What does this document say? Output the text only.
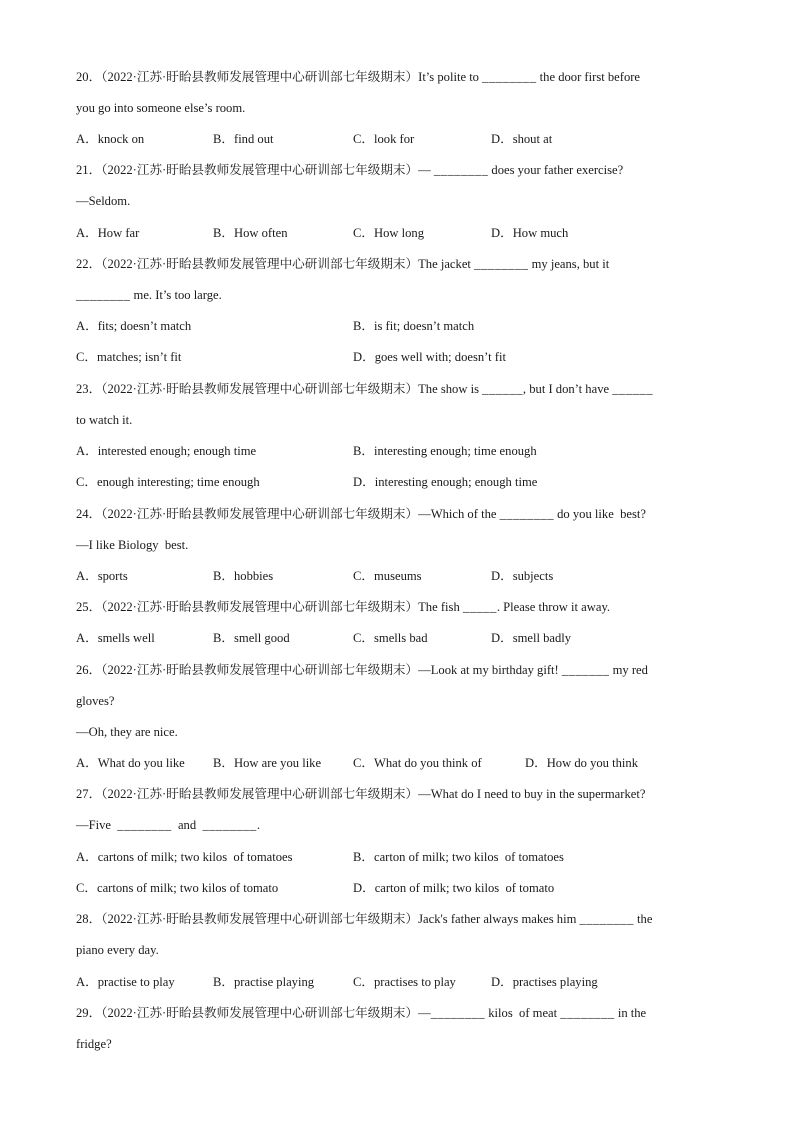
20．（2022·江苏·盱眙县教师发展管理中心研训部七年级期末）It’s polite to ________ the door first before
you go into someone else’s room.
A．knock on	B．find out	C．look for	D．shout at
21．（2022·江苏·盱眙县教师发展管理中心研训部七年级期末）— ________ does your father exercise?
—Seldom.
A．How far	B．How often	C．How long	D．How much
22．（2022·江苏·盱眙县教师发展管理中心研训部七年级期末）The jacket ________ my jeans, but it
________ me. It’s too large.
A．fits; doesn’t match	B．is fit; doesn’t match
C．matches; isn’t fit	D．goes well with; doesn’t fit
23．（2022·江苏·盱眙县教师发展管理中心研训部七年级期末）The show is ______, but I don’t have ______
to watch it.
A．interested enough; enough time	B．interesting enough; time enough
C．enough interesting; time enough	D．interesting enough; enough time
24．（2022·江苏·盱眙县教师发展管理中心研训部七年级期末）—Which of the ________ do you like  best?
—I like Biology  best.
A．sports	B．hobbies	C．museums	D．subjects
25．（2022·江苏·盱眙县教师发展管理中心研训部七年级期末）The fish _____. Please throw it away.
A．smells well	B．smell good	C．smells bad	D．smell badly
26．（2022·江苏·盱眙县教师发展管理中心研训部七年级期末）—Look at my birthday gift! _______ my red
gloves?
—Oh, they are nice.
A．What do you like B．How are you like	C．What do you think of	D．How do you think
27．（2022·江苏·盱眙县教师发展管理中心研训部七年级期末）—What do I need to buy in the supermarket?
—Five  ________  and  ________.
A．cartons of milk; two kilos  of tomatoes	B．carton of milk; two kilos  of tomatoes
C．cartons of milk; two kilos of tomato	D．carton of milk; two kilos  of tomato
28．（2022·江苏·盱眙县教师发展管理中心研训部七年级期末）Jack's father always makes him ________ the
piano every day.
A．practise to play	B．practise playing	C．practises to play	D．practises playing
29．（2022·江苏·盱眙县教师发展管理中心研训部七年级期末）—________ kilos  of meat ________ in the
fridge?
